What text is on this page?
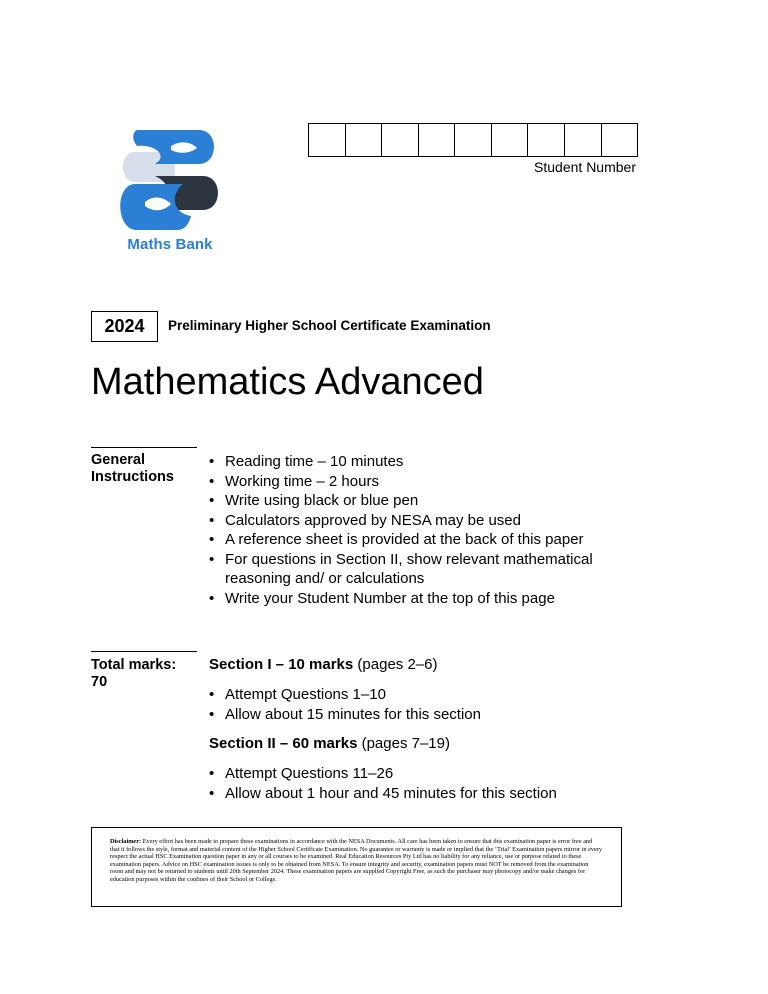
Maths Bank
Student Number
2024	Preliminary Higher School Certificate Examination
Mathematics Advanced
General
Instructions
• Reading time – 10 minutes
• Working time – 2 hours
• Write using black or blue pen
• Calculators approved by NESA may be used
• A reference sheet is provided at the back of this paper
• For questions in Section II, show relevant mathematical reasoning and/ or calculations
• Write your Student Number at the top of this page
Total marks:
70
Section I – 10 marks (pages 2–6)
• Attempt Questions 1–10
• Allow about 15 minutes for this section
Section II – 60 marks (pages 7–19)
• Attempt Questions 11–26
• Allow about 1 hour and 45 minutes for this section
Disclaimer: Every effort has been made to prepare these examinations in accordance with the NESA Documents. All care has been taken to ensure that this examination paper is error free and that it follows the style, format and material content of the Higher School Certificate Examination. No guarantee or warranty is made or implied that the ‘Trial’ Examination papers mirror in every respect the actual HSC Examination question paper in any or all courses to be examined. Real Education Resources Pty Ltd has no liability for any reliance, use or purpose related to these examination papers. Advice on HSC examination issues is only to be obtained from NESA. To ensure integrity and security, examination papers must NOT be removed from the examination room and may not be returned to students until 20th September 2024. These examination papers are supplied Copyright Free, as such the purchaser may photocopy and/or make changes for education purposes within the confines of their School or College.
